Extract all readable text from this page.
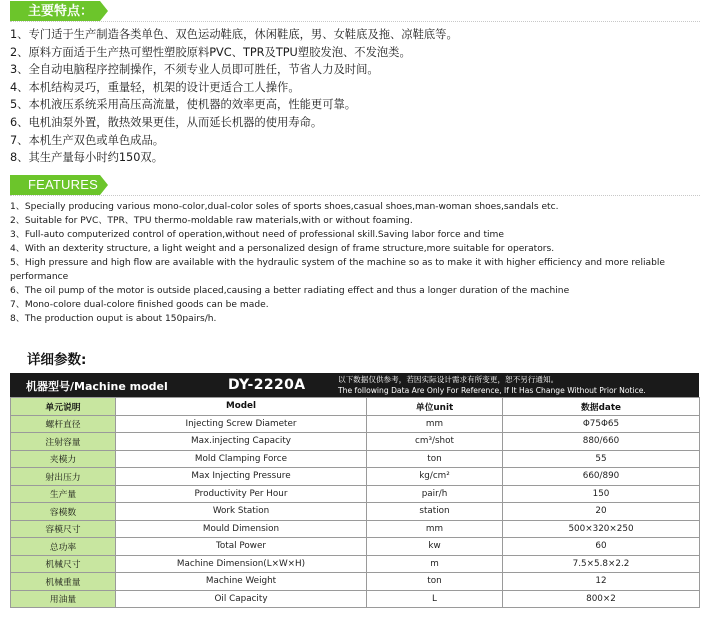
主要特点：
1、专门适于生产制造各类单色、双色运动鞋底，休闲鞋底，男、女鞋底及拖、凉鞋底等。
2、原料方面适于生产热可塑性塑胶原料PVC、TPR及TPU塑胶发泡、不发泡类。
3、全自动电脑程序控制操作，不须专业人员即可胜任，节省人力及时间。
4、本机结构灵巧，重量轻，机架的设计更适合工人操作。
5、本机液压系统采用高压高流量，使机器的效率更高，性能更可靠。
6、电机油泵外置，散热效果更佳，从而延长机器的使用寿命。
7、本机生产双色或单色成品。
8、其生产量每小时约150双。
FEATURES
1、Specially producing various mono-color,dual-color soles of sports shoes,casual shoes,man-woman shoes,sandals etc.
2、Suitable for PVC、TPR、TPU thermo-moldable raw materials,with or without foaming.
3、Full-auto computerized control of operation,without need of professional skill.Saving labor force and time
4、With an dexterity structure, a light weight and a personalized design of frame structure,more suitable for operators.
5、High pressure and high flow are available with the hydraulic system of the machine so as to make it with higher efficiency and more reliable performance
6、The oil pump of the motor is outside placed,causing a better radiating effect and thus a longer duration of the machine
7、Mono-colore dual-colore finished goods can be made.
8、The production ouput is about 150pairs/h.
详细参数:
机器型号/Machine model	DY-2220A	以下数据仅供参考，若因实际设计需求有所变更，恕不另行通知。
The following Data Are Only For Reference, If It Has Change Without Prior Notice.
单元说明	Model	单位unit	数据date
螺杆直径	Injecting Screw Diameter	mm	Φ75Φ65
注射容量	Max.injecting Capacity	cm³/shot	880/660
夹模力	Mold Clamping Force	ton	55
射出压力	Max Injecting Pressure	kg/cm²	660/890
生产量	Productivity Per Hour	pair/h	150
容模数	Work Station	station	20
容模尺寸	Mould Dimension	mm	500×320×250
总功率	Total Power	kw	60
机械尺寸	Machine Dimension(L×W×H)	m	7.5×5.8×2.2
机械重量	Machine Weight	ton	12
用油量	Oil Capacity	L	800×2
